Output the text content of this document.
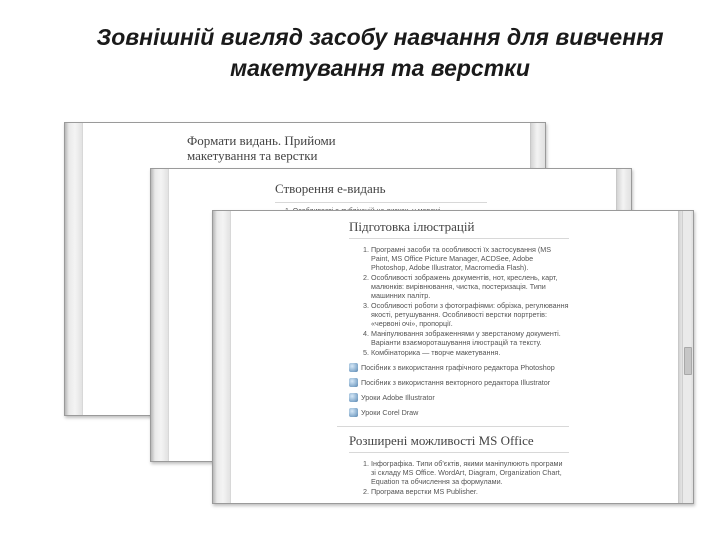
Зовнішній вигляд засобу навчання для вивчення
макетування та верстки
Формати видань. Прийоми
макетування та верстки
Створення е-видань
Підготовка ілюстрацій
1. Програмні засоби та особливості їх застосування (MS Paint, MS Office Picture Manager, ACDSee, Adobe Photoshop, Adobe Illustrator, Macromedia Flash).
2. Особливості зображень документів, нот, креслень, карт, малюнків: вирівнювання, чистка, постеризація. Типи машинних палітр.
3. Особливості роботи з фотографіями: обрізка, регулювання якості, ретушування. Особливості верстки портретів: «червоні очі», пропорції.
4. Маніпулювання зображеннями у зверстаному документі. Варіанти взаємороташування ілюстрацій та тексту.
5. Комбінаторика — творче макетування.
Посібник з використання графічного редактора Photoshop
Посібник з використання векторного редактора Illustrator
Уроки Adobe Illustrator
Уроки Corel Draw
Розширені можливості MS Office
1. Інфографіка. Типи об'єктів, якими маніпулюють програми зі складу MS Office. WordArt, Diagram, Organization Chart, Equation та обчислення за формулами.
2. Програма верстки MS Publisher.
